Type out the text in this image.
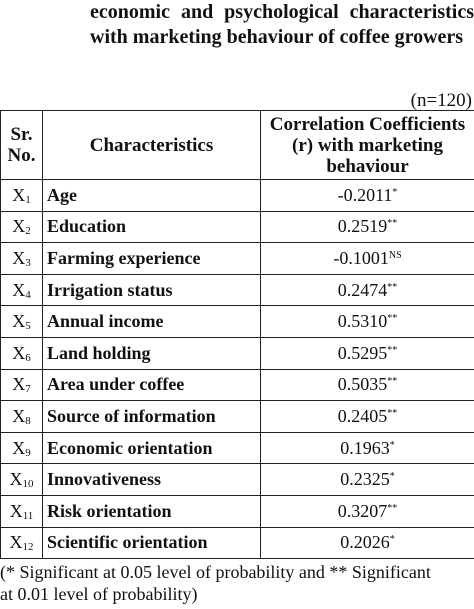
economic and psychological characteristics
with marketing behaviour of coffee growers
(n=120)
Sr.
No.	Characteristics	Correlation Coefficients
(r) with marketing
behaviour
$X_1$	Age	-0.2011*
$X_2$	Education	0.2519**
$X_3$	Farming experience	$-0.1001^{NS}$
$X_4$	Irrigation status	0.2474**
$X_5$	Annual income	0.5310**
$X_6$	Land holding	0.5295**
$X_7$	Area under coffee	0.5035**
$X_8$	Source of information	0.2405**
$X_9$	Economic orientation	0.1963*
$X_{10}$	Innovativeness	0.2325*
$X_{11}$	Risk orientation	0.3207**
$X_{12}$	Scientific orientation	0.2026*
(* Significant at 0.05 level of probability and ** Significant
at 0.01 level of probability)
